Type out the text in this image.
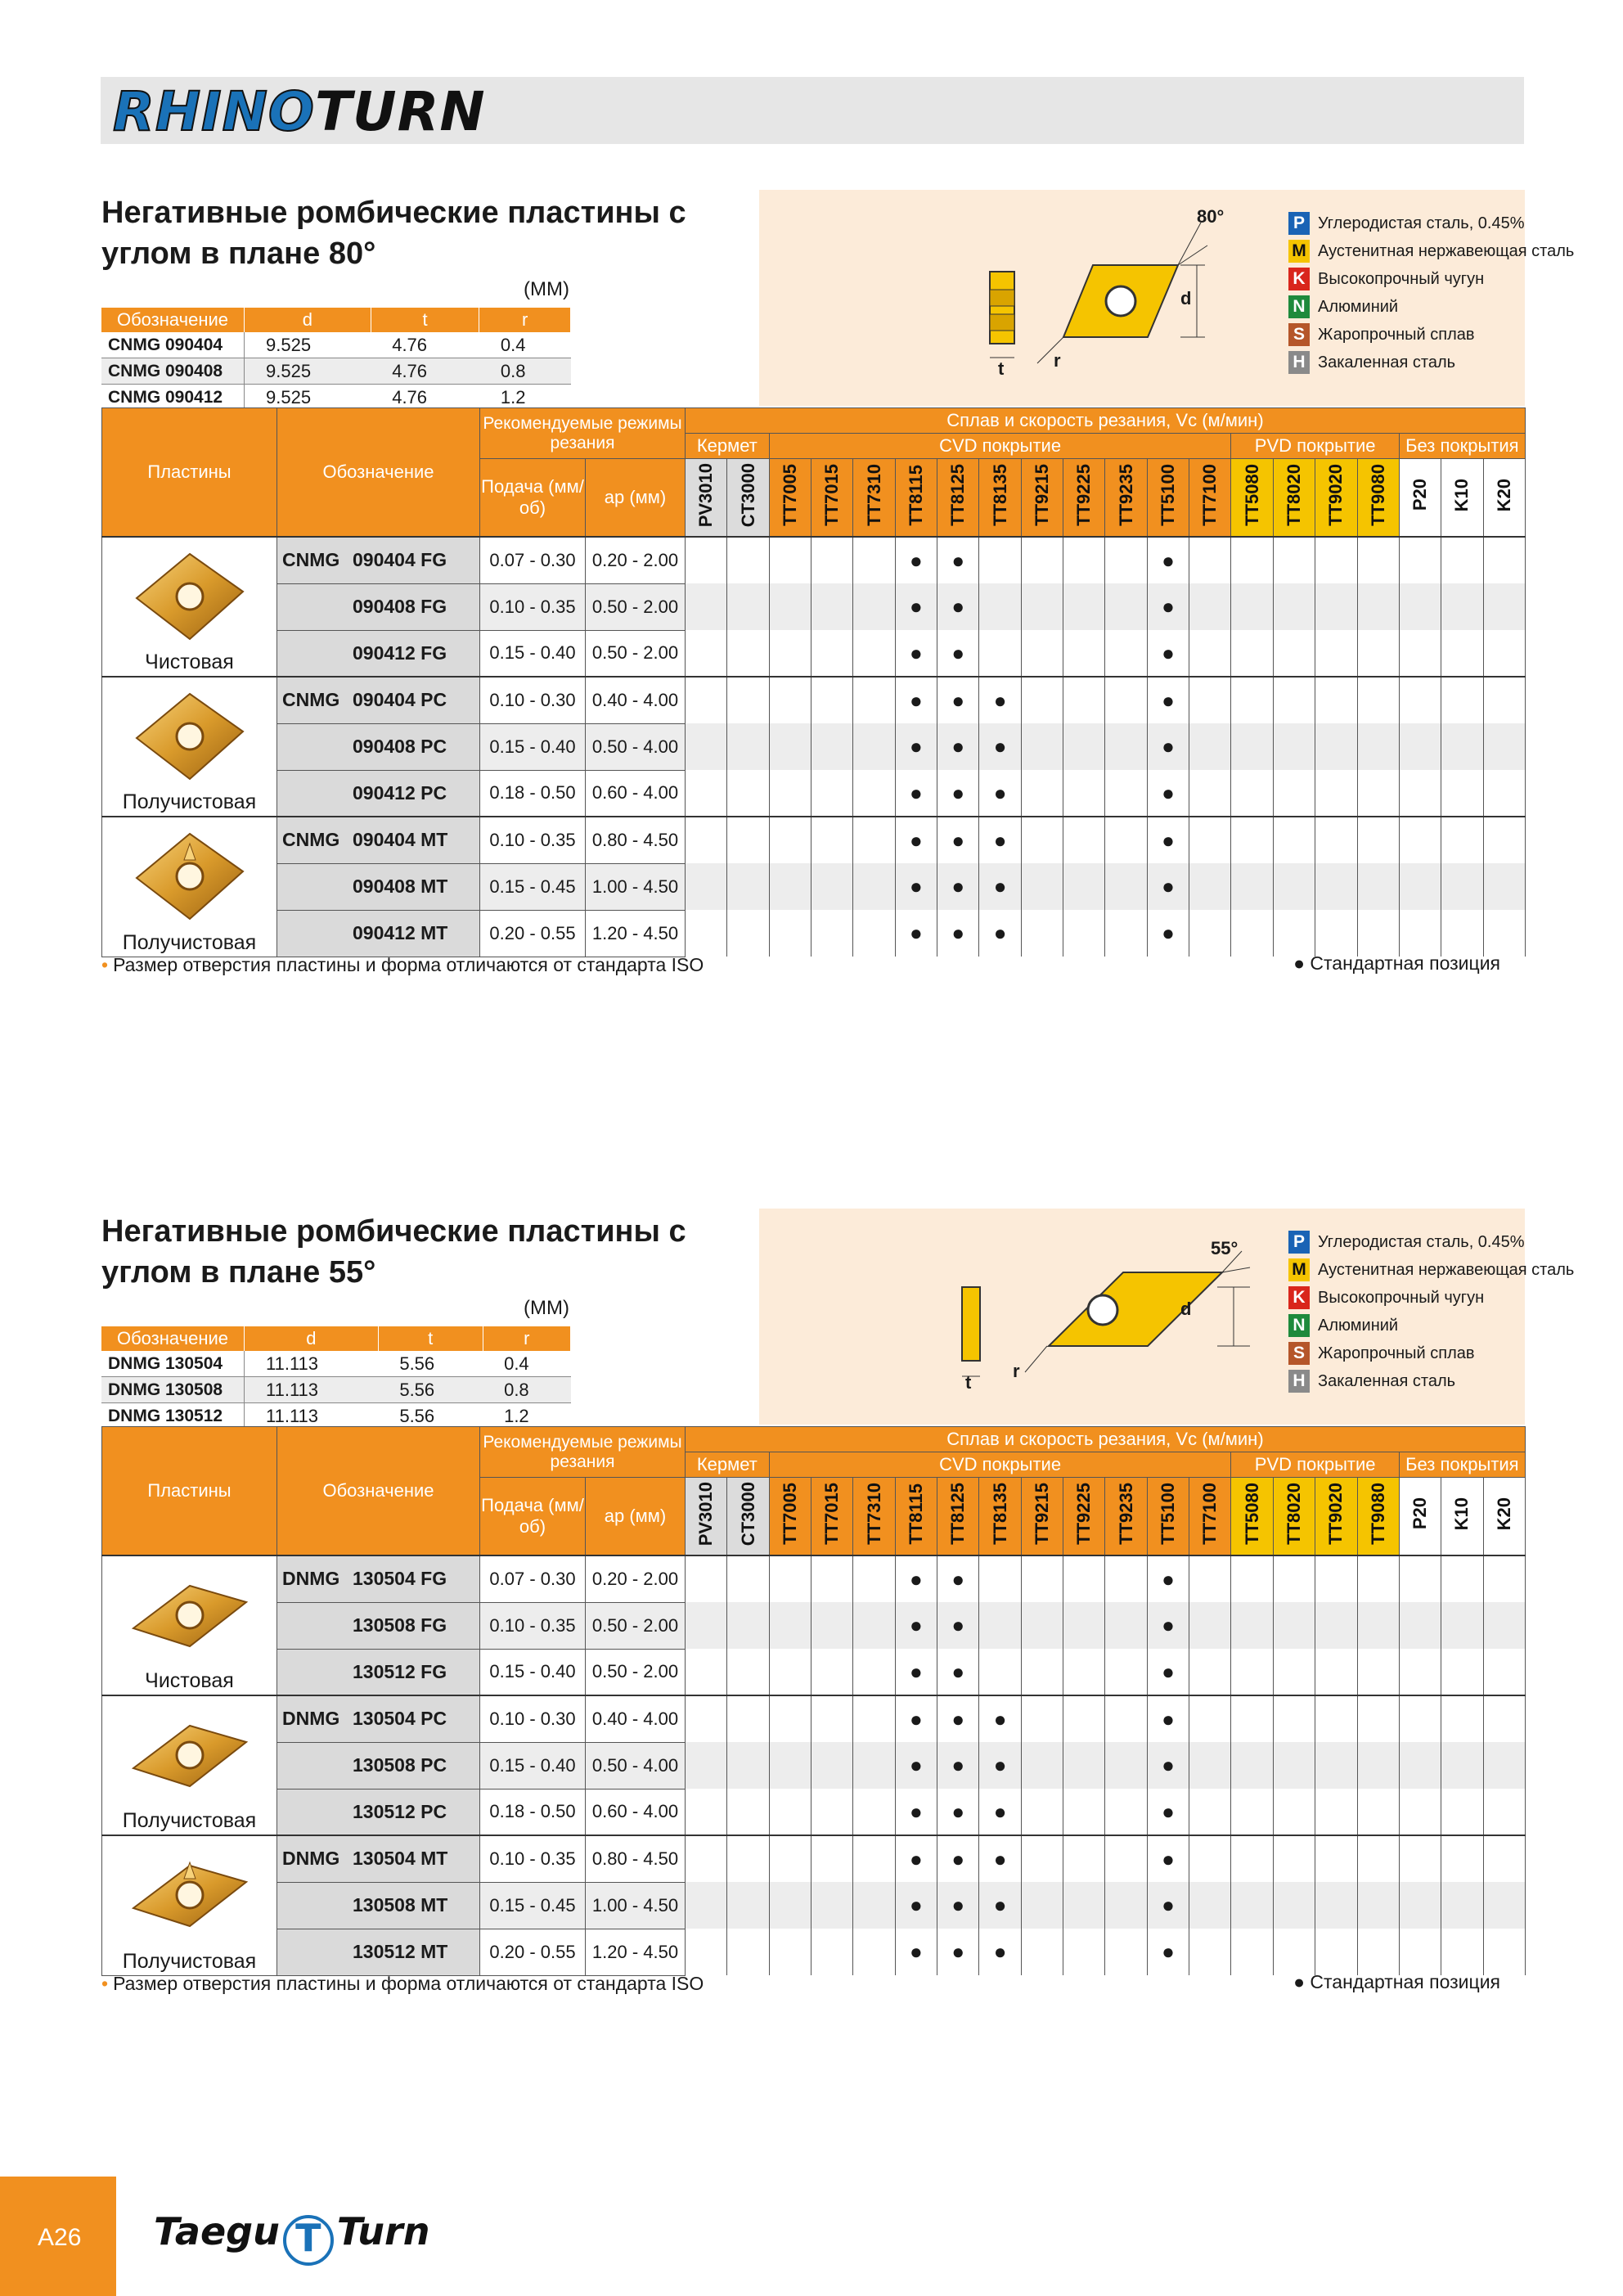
RHINOTURN
Негативные ромбические пластины с
углом в плане 80°
(ММ)
Обозначение	d	t	r
CNMG 090404	9.525	4.76	0.4
CNMG 090408	9.525	4.76	0.8
CNMG 090412	9.525	4.76	1.2
80°
d
t	r
P Углеродистая сталь, 0.45%
M Аустенитная нержавеющая сталь
K Высокопрочный чугун
N Алюминий
S Жаропрочный сплав
H Закаленная сталь
Пластины	Обозначение	Рекомендуемые режимы резания		Сплав и скорость резания, Vc (м/мин)																			
				Кермет		CVD покрытие											PVD покрытие				Без покрытия		
		Подача (мм/об)	ap (мм)	PV3010	CT3000	TT7005	TT7015	TT7310	TT8115	TT8125	TT8135	TT9215	TT9225	TT9235	TT5100	TT7100	TT5080	TT8020	TT9020	TT9080	P20	K10	K20

Чистовая	CNMG 090404 FG	0.07 - 0.30	0.20 - 2.00						●	●					●								
	090408 FG	0.10 - 0.35	0.50 - 2.00						●	●					●								
	090412 FG	0.15 - 0.40	0.50 - 2.00						●	●					●								

Получистовая	CNMG 090404 PC	0.10 - 0.30	0.40 - 4.00						●	●	●				●								
	090408 PC	0.15 - 0.40	0.50 - 4.00						●	●	●				●								
	090412 PC	0.18 - 0.50	0.60 - 4.00						●	●	●				●								

Получистовая	CNMG 090404 MT	0.10 - 0.35	0.80 - 4.50						●	●	●				●								
	090408 MT	0.15 - 0.45	1.00 - 4.50						●	●	●				●								
	090412 MT	0.20 - 0.55	1.20 - 4.50						●	●	●				●								
• Размер отверстия пластины и форма отличаются от стандарта ISO	● Стандартная позиция
Негативные ромбические пластины с
углом в плане 55°
(ММ)
Обозначение	d	t	r
DNMG 130504	11.113	5.56	0.4
DNMG 130508	11.113	5.56	0.8
DNMG 130512	11.113	5.56	1.2
55°
d
t
r
P Углеродистая сталь, 0.45%
M Аустенитная нержавеющая сталь
K Высокопрочный чугун
N Алюминий
S Жаропрочный сплав
H Закаленная сталь
Пластины	Обозначение	Рекомендуемые режимы резания		Сплав и скорость резания, Vc (м/мин)																			
				Кермет		CVD покрытие											PVD покрытие				Без покрытия		
		Подача (мм/об)	ap (мм)	PV3010	CT3000	TT7005	TT7015	TT7310	TT8115	TT8125	TT8135	TT9215	TT9225	TT9235	TT5100	TT7100	TT5080	TT8020	TT9020	TT9080	P20	K10	K20

Чистовая	DNMG 130504 FG	0.07 - 0.30	0.20 - 2.00						●	●					●								
	130508 FG	0.10 - 0.35	0.50 - 2.00						●	●					●								
	130512 FG	0.15 - 0.40	0.50 - 2.00						●	●					●								

Получистовая	DNMG 130504 PC	0.10 - 0.30	0.40 - 4.00						●	●	●				●								
	130508 PC	0.15 - 0.40	0.50 - 4.00						●	●	●				●								
	130512 PC	0.18 - 0.50	0.60 - 4.00						●	●	●				●								

Получистовая	DNMG 130504 MT	0.10 - 0.35	0.80 - 4.50						●	●	●				●								
	130508 MT	0.15 - 0.45	1.00 - 4.50						●	●	●				●								
	130512 MT	0.20 - 0.55	1.20 - 4.50						●	●	●				●								
• Размер отверстия пластины и форма отличаются от стандарта ISO	● Стандартная позиция
A26 Taegu T Turn
